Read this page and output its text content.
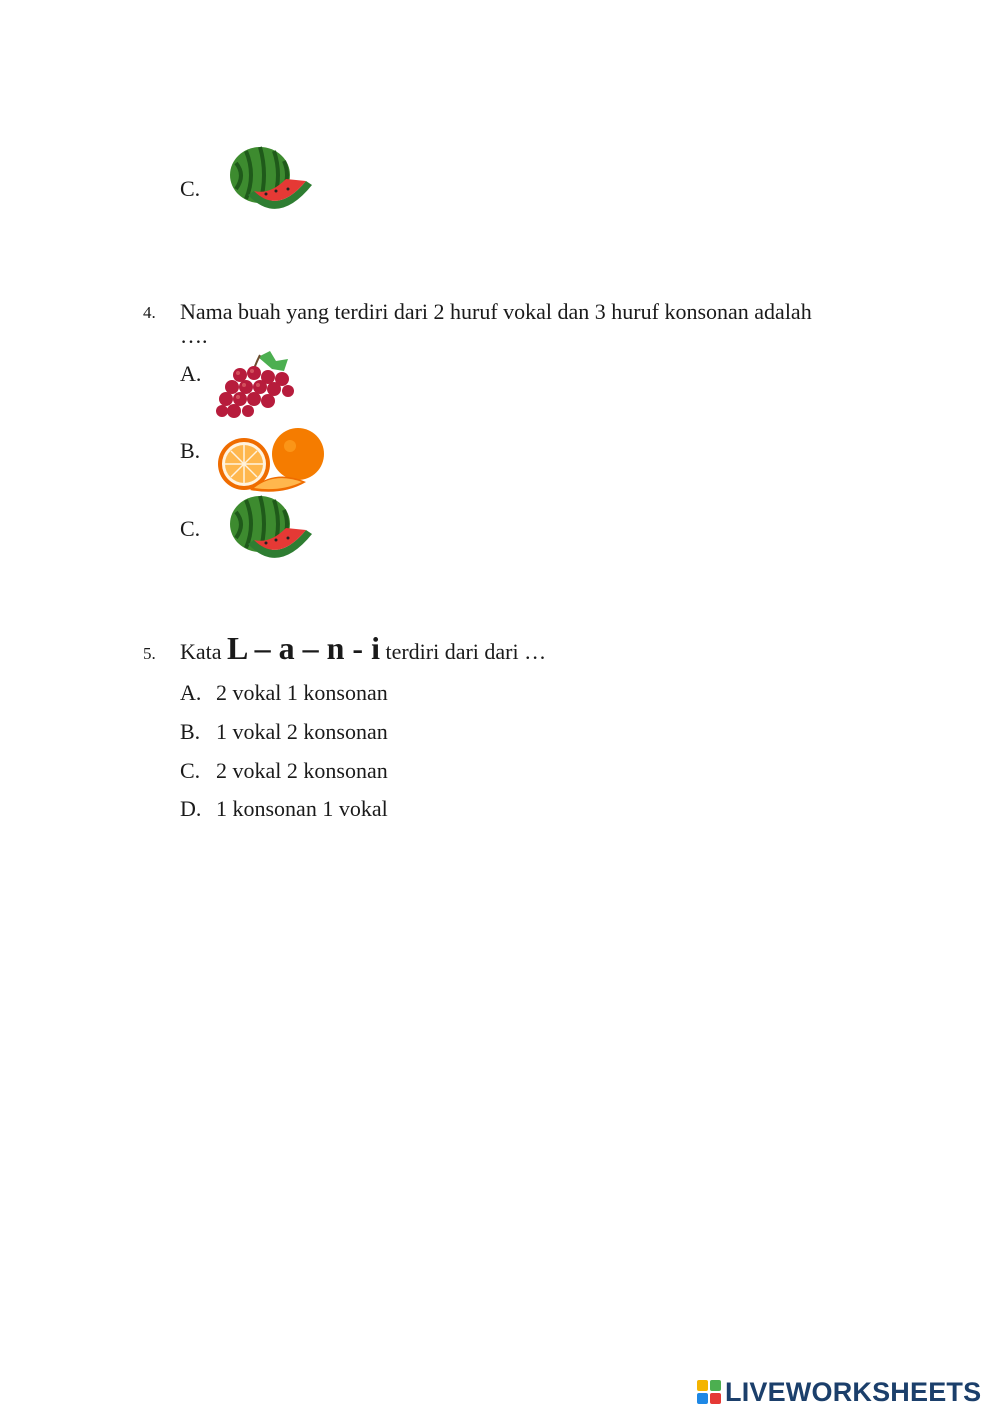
C.
4. Nama buah yang terdiri dari 2 huruf vokal dan 3 huruf konsonan adalah
….
A.
B.
C.
5. Kata L – a – n - i terdiri dari dari …
A. 2 vokal 1 konsonan
B. 1 vokal 2 konsonan
C. 2 vokal 2 konsonan
D. 1 konsonan 1 vokal
LIVEWORKSHEETS
